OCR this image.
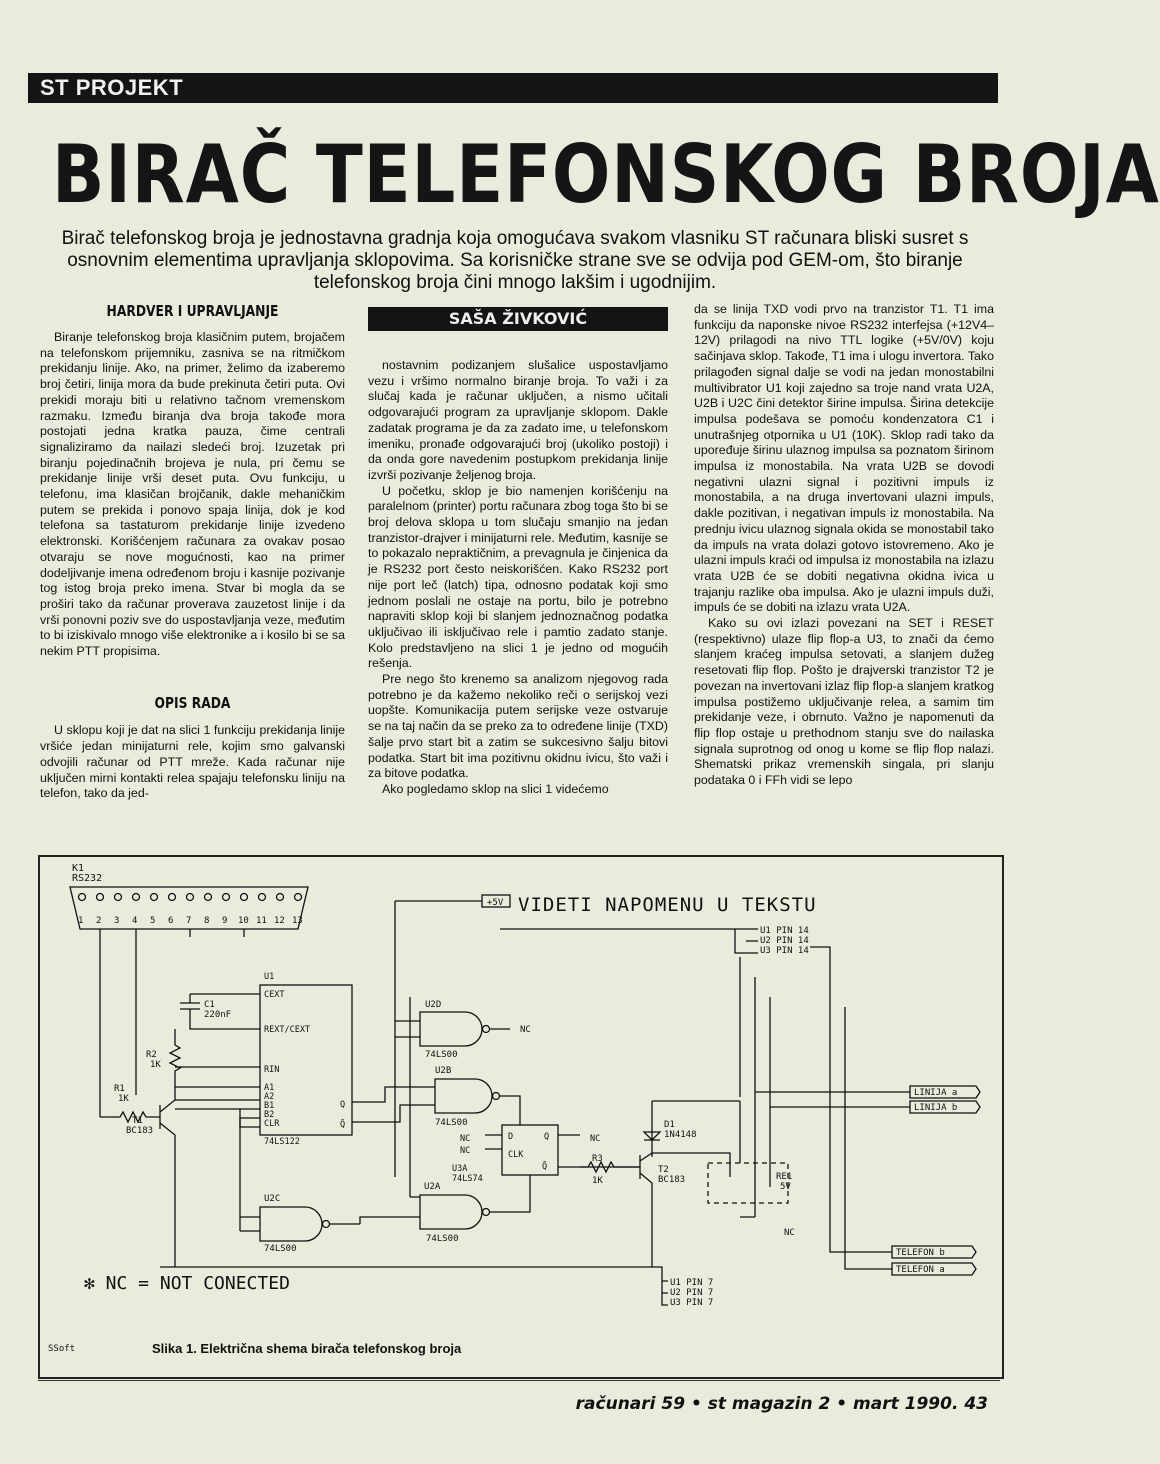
ST PROJEKT
BIRAČ TELEFONSKOG BROJA
Birač telefonskog broja je jednostavna gradnja koja omogućava svakom vlasniku ST računara bliski susret s osnovnim elementima upravljanja sklopovima. Sa korisničke strane sve se odvija pod GEM-om, što biranje telefonskog broja čini mnogo lakšim i ugodnijim.
SAŠA ŽIVKOVIĆ

HARDVER I UPRAVLJANJE

Biranje telefonskog broja klasičnim putem, brojačem na telefonskom prijemniku, zasniva se na ritmičkom prekidanju linije. Ako, na primer, želimo da izaberemo broj četiri, linija mora da bude prekinuta četiri puta. Ovi prekidi moraju biti u relativno tačnom vremenskom razmaku. Između biranja dva broja takođe mora postojati jedna kratka pauza, čime centrali signaliziramo da nailazi sledeći broj. Izuzetak pri biranju pojedinačnih brojeva je nula, pri čemu se prekidanje linije vrši deset puta. Ovu funkciju, u telefonu, ima klasičan brojčanik, dakle mehaničkim putem se prekida i ponovo spaja linija, dok je kod telefona sa tastaturom prekidanje linije izvedeno elektronski. Korišćenjem računara za ovakav posao otvaraju se nove mogućnosti, kao na primer dodeljivanje imena određenom broju i kasnije pozivanje tog istog broja preko imena. Stvar bi mogla da se proširi tako da računar proverava zauzetost linije i da vrši ponovni poziv sve do uspostavljanja veze, međutim to bi iziskivalo mnogo više elektronike a i kosilo bi se sa nekim PTT propisima.

OPIS RADA

U sklopu koji je dat na slici 1 funkciju prekidanja linije vršiće jedan minijaturni rele, kojim smo galvanski odvojili računar od PTT mreže. Kada računar nije uključen mirni kontakti relea spajaju telefonsku liniju na telefon, tako da jed-

nostavnim podizanjem slušalice uspostavljamo vezu i vršimo normalno biranje broja. To važi i za slučaj kada je računar uključen, a nismo učitali odgovarajući program za upravljanje sklopom. Dakle zadatak programa je da za zadato ime, u telefonskom imeniku, pronađe odgovarajući broj (ukoliko postoji) i da onda gore navedenim postupkom prekidanja linije izvrši pozivanje željenog broja.

U početku, sklop je bio namenjen korišćenju na paralelnom (printer) portu računara zbog toga što bi se broj delova sklopa u tom slučaju smanjio na jedan tranzistor-drajver i minijaturni rele. Međutim, kasnije se to pokazalo nepraktičnim, a prevagnula je činjenica da je RS232 port često neiskorišćen. Kako RS232 port nije port leč (latch) tipa, odnosno podatak koji smo jednom poslali ne ostaje na portu, bilo je potrebno napraviti sklop koji bi slanjem jednoznačnog podatka uključivao ili isključivao rele i pamtio zadato stanje. Kolo predstavljeno na slici 1 je jedno od mogućih rešenja.

Pre nego što krenemo sa analizom njegovog rada potrebno je da kažemo nekoliko reči o serijskoj vezi uopšte. Komunikacija putem serijske veze ostvaruje se na taj način da se preko za to određene linije (TXD) šalje prvo start bit a zatim se sukcesivno šalju bitovi podatka. Start bit ima pozitivnu okidnu ivicu, što važi i za bitove podatka.

Ako pogledamo sklop na slici 1 videćemo

da se linija TXD vodi prvo na tranzistor T1. T1 ima funkciju da naponske nivoe RS232 interfejsa (+12V4–12V) prilagodi na nivo TTL logike (+5V/0V) koju sačinjava sklop. Takođe, T1 ima i ulogu invertora. Tako prilagođen signal dalje se vodi na jedan monostabilni multivibrator U1 koji zajedno sa troje nand vrata U2A, U2B i U2C čini detektor širine impulsa. Širina detekcije impulsa podešava se pomoću kondenzatora C1 i unutrašnjeg otpornika u U1 (10K). Sklop radi tako da upoređuje širinu ulaznog impulsa sa poznatom širinom impulsa iz monostabila. Na vrata U2B se dovodi negativni ulazni signal i pozitivni impuls iz monostabila, a na druga invertovani ulazni impuls, dakle pozitivan, i negativan impuls iz monostabila. Na prednju ivicu ulaznog signala okida se monostabil tako da impuls na vrata dolazi gotovo istovremeno. Ako je ulazni impuls kraći od impulsa iz monostabila na izlazu vrata U2B će se dobiti negativna okidna ivica u trajanju razlike oba impulsa. Ako je ulazni impuls duži, impuls će se dobiti na izlazu vrata U2A.

Kako su ovi izlazi povezani na SET i RESET (respektivno) ulaze flip flop-a U3, to znači da ćemo slanjem kraćeg impulsa setovati, a slanjem dužeg resetovati flip flop. Pošto je drajverski tranzistor T2 je povezan na invertovani izlaz flip flop-a slanjem kratkog impulsa postižemo uključivanje relea, a samim tim prekidanje veze, i obrnuto. Važno je napomenuti da flip flop ostaje u prethodnom stanju sve do nailaska signala suprotnog od onog u kome se flip flop nalazi. Shematski prikaz vremenskih singala, pri slanju podataka 0 i FFh vidi se lepo

K1
RS232
1 2 3 4 5 6 7 8 9 10 11 12 13
+5V VIDETI NAPOMENU U TEKSTU
U1 PIN 14
U2 PIN 14
U3 PIN 14
U1 PIN 7
U2 PIN 7
U3 PIN 7
U1
CEXT
REXT/CEXT
RIN
A1
A2
B1
B2
CLR
74LS122
Q
Q̄
C1
220nF
R2
1K
R1
1K
T1
BC183
U2D
74LS00
NC
U2B
74LS00
D	Q
CLK
Q̄
U3A
74LS74
NC
NC
NC
U2C
74LS00
U2A
74LS00
D1
1N4148
R3
1K
T2
BC183	RE1
5V
NC
LINIJA a
LINIJA b
TELEFON b
TELEFON a
✻ NC = NOT CONECTED
SSoft	Slika 1. Električna shema birača telefonskog broja
računari 59 • st magazin 2 • mart 1990. 43
